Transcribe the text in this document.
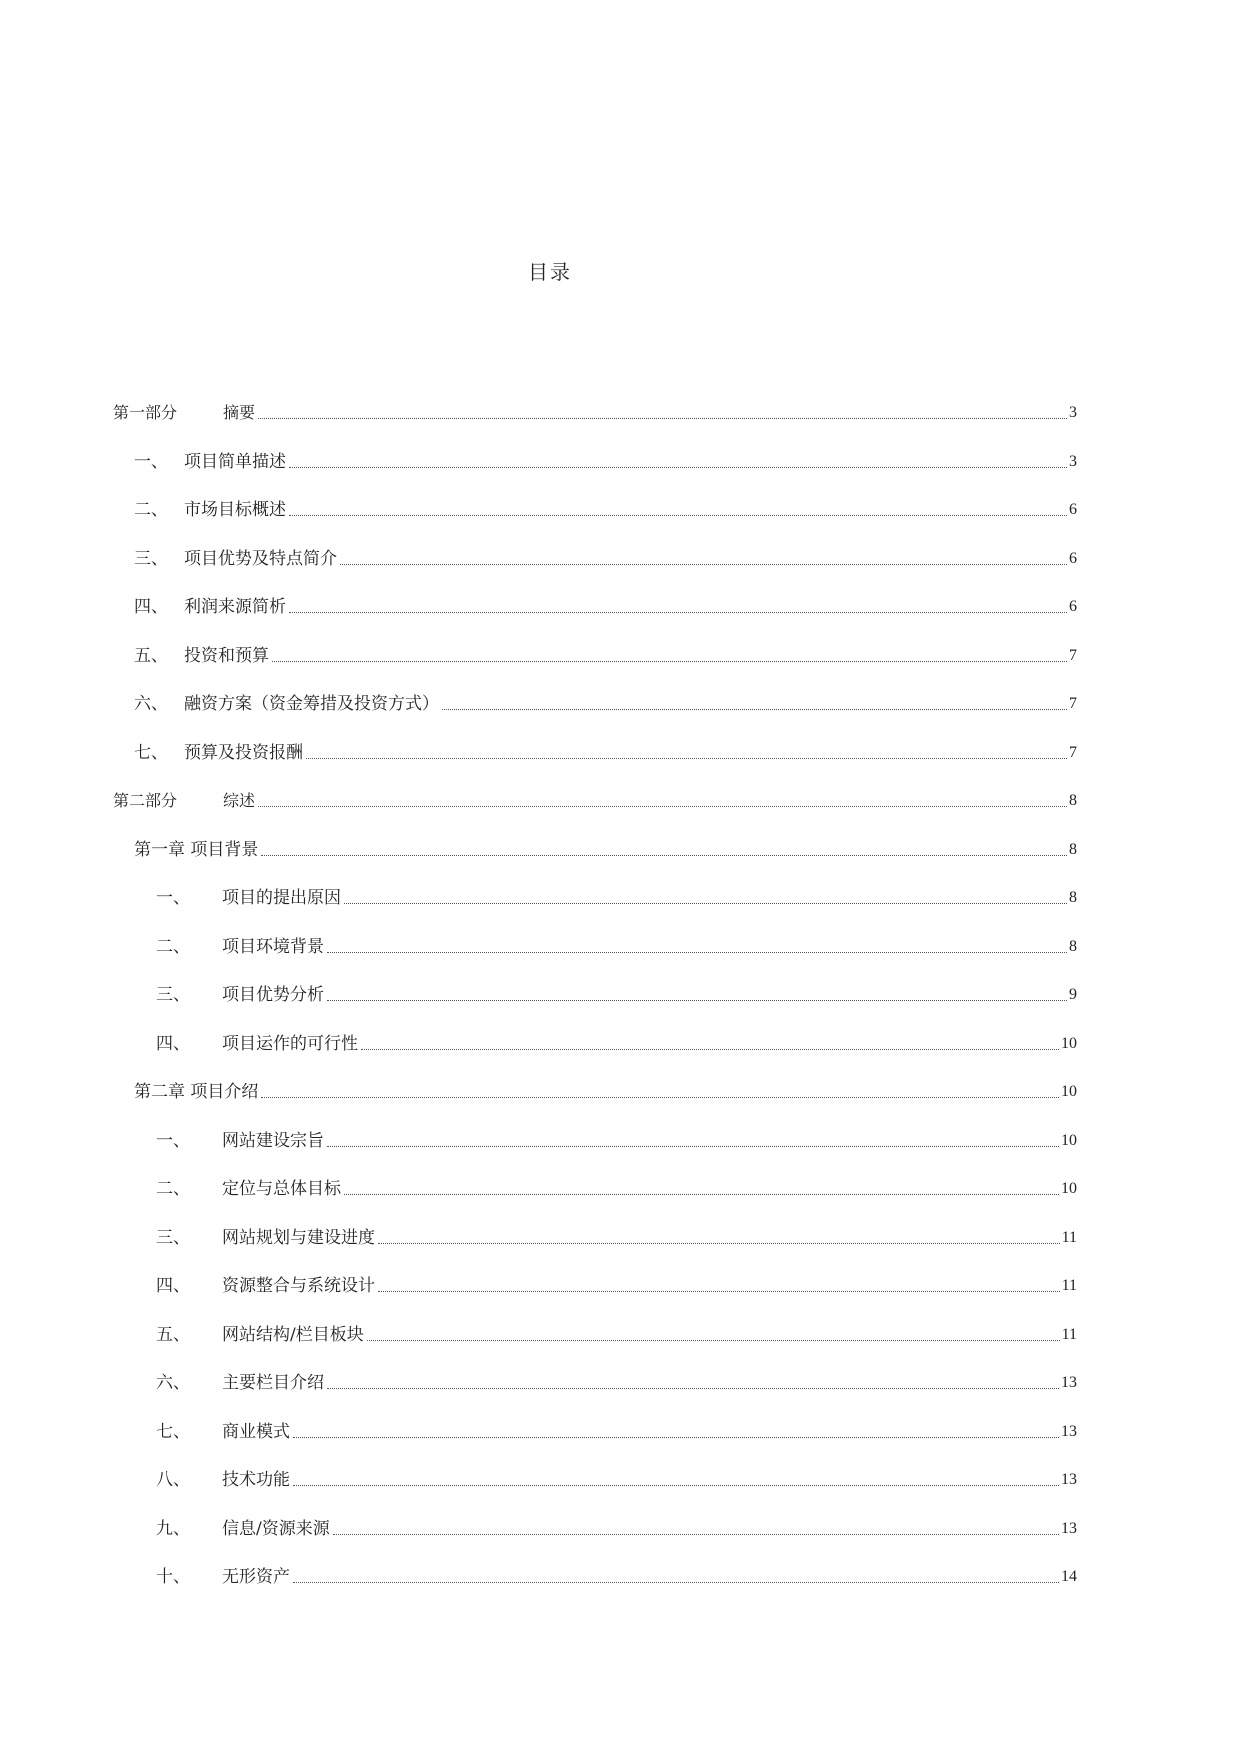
目录
第一部分	摘要	3
一、 项目简单描述	3
二、 市场目标概述	6
三、 项目优势及特点简介	6
四、 利润来源简析	6
五、 投资和预算	7
六、 融资方案（资金筹措及投资方式）	7
七、 预算及投资报酬	7
第二部分	综述	8
第一章 项目背景	8
一、	项目的提出原因	8
二、	项目环境背景	8
三、	项目优势分析	9
四、	项目运作的可行性	10
第二章 项目介绍	10
一、	网站建设宗旨	10
二、	定位与总体目标	10
三、	网站规划与建设进度	11
四、	资源整合与系统设计	11
五、	网站结构/栏目板块	11
六、	主要栏目介绍	13
七、	商业模式	13
八、	技术功能	13
九、	信息/资源来源	13
十、	无形资产	14
